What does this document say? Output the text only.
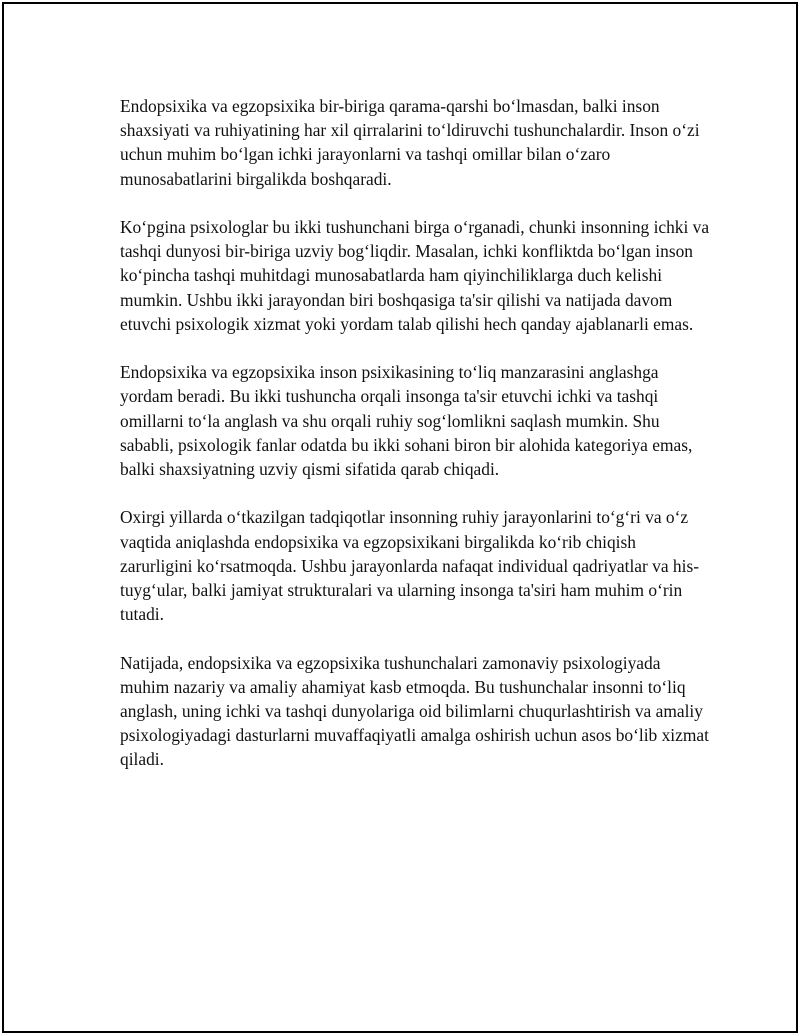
Endopsixika va egzopsixika bir-biriga qarama-qarshi bo‘lmasdan, balki inson shaxsiyati va ruhiyatining har xil qirralarini to‘ldiruvchi tushunchalardir. Inson o‘zi uchun muhim bo‘lgan ichki jarayonlarni va tashqi omillar bilan o‘zaro munosabatlarini birgalikda boshqaradi.

Ko‘pgina psixologlar bu ikki tushunchani birga o‘rganadi, chunki insonning ichki va tashqi dunyosi bir-biriga uzviy bog‘liqdir. Masalan, ichki konfliktda bo‘lgan inson ko‘pincha tashqi muhitdagi munosabatlarda ham qiyinchiliklarga duch kelishi mumkin. Ushbu ikki jarayondan biri boshqasiga ta'sir qilishi va natijada davom etuvchi psixologik xizmat yoki yordam talab qilishi hech qanday ajablanarli emas.

Endopsixika va egzopsixika inson psixikasining to‘liq manzarasini anglashga yordam beradi. Bu ikki tushuncha orqali insonga ta'sir etuvchi ichki va tashqi omillarni to‘la anglash va shu orqali ruhiy sog‘lomlikni saqlash mumkin. Shu sababli, psixologik fanlar odatda bu ikki sohani biron bir alohida kategoriya emas, balki shaxsiyatning uzviy qismi sifatida qarab chiqadi.

Oxirgi yillarda o‘tkazilgan tadqiqotlar insonning ruhiy jarayonlarini to‘g‘ri va o‘z vaqtida aniqlashda endopsixika va egzopsixikani birgalikda ko‘rib chiqish zarurligini ko‘rsatmoqda. Ushbu jarayonlarda nafaqat individual qadriyatlar va his-tuyg‘ular, balki jamiyat strukturalari va ularning insonga ta'siri ham muhim o‘rin tutadi.

Natijada, endopsixika va egzopsixika tushunchalari zamonaviy psixologiyada muhim nazariy va amaliy ahamiyat kasb etmoqda. Bu tushunchalar insonni to‘liq anglash, uning ichki va tashqi dunyolariga oid bilimlarni chuqurlashtirish va amaliy psixologiyadagi dasturlarni muvaffaqiyatli amalga oshirish uchun asos bo‘lib xizmat qiladi.
